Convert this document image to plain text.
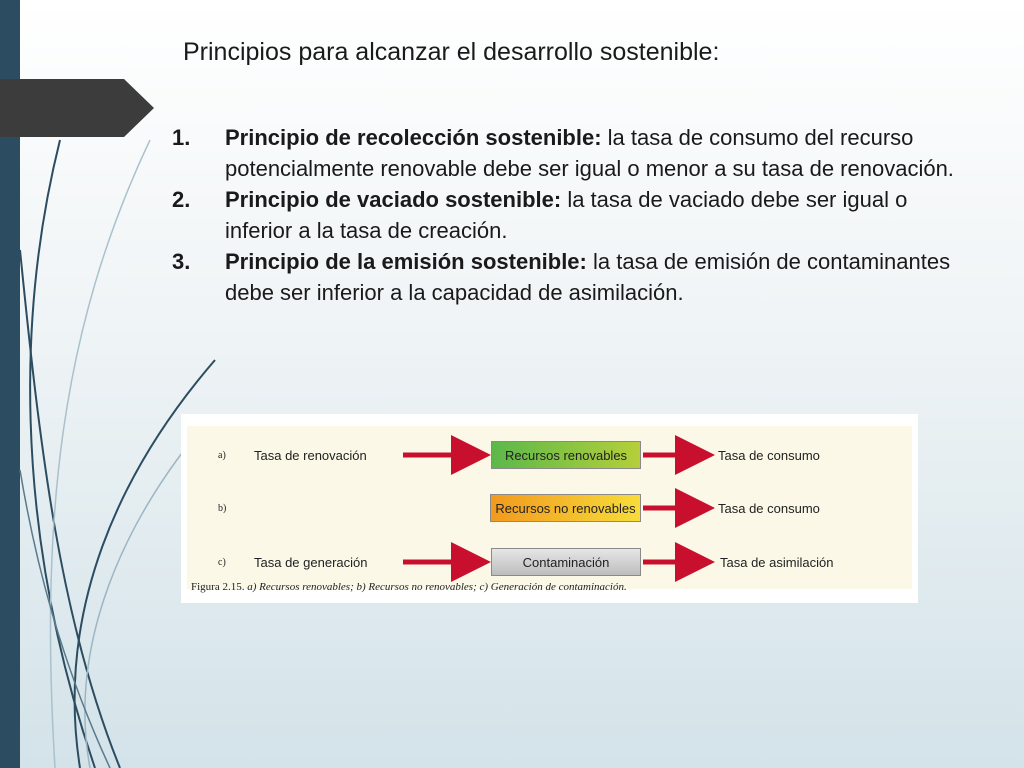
Principios para alcanzar el desarrollo sostenible:
1. Principio de recolección sostenible: la tasa de consumo del recurso potencialmente renovable debe ser igual o menor a su tasa de renovación.
2. Principio de vaciado sostenible: la tasa de vaciado debe ser igual o inferior a la tasa de creación.
3. Principio de la emisión sostenible: la tasa de emisión de contaminantes debe ser inferior a la capacidad de asimilación.
a) Tasa de renovación	Recursos renovables	Tasa de consumo
b)	Recursos no renovables	Tasa de consumo
c) Tasa de generación	Contaminación	Tasa de asimilación
Figura 2.15. a) Recursos renovables; b) Recursos no renovables; c) Generación de contaminación.
